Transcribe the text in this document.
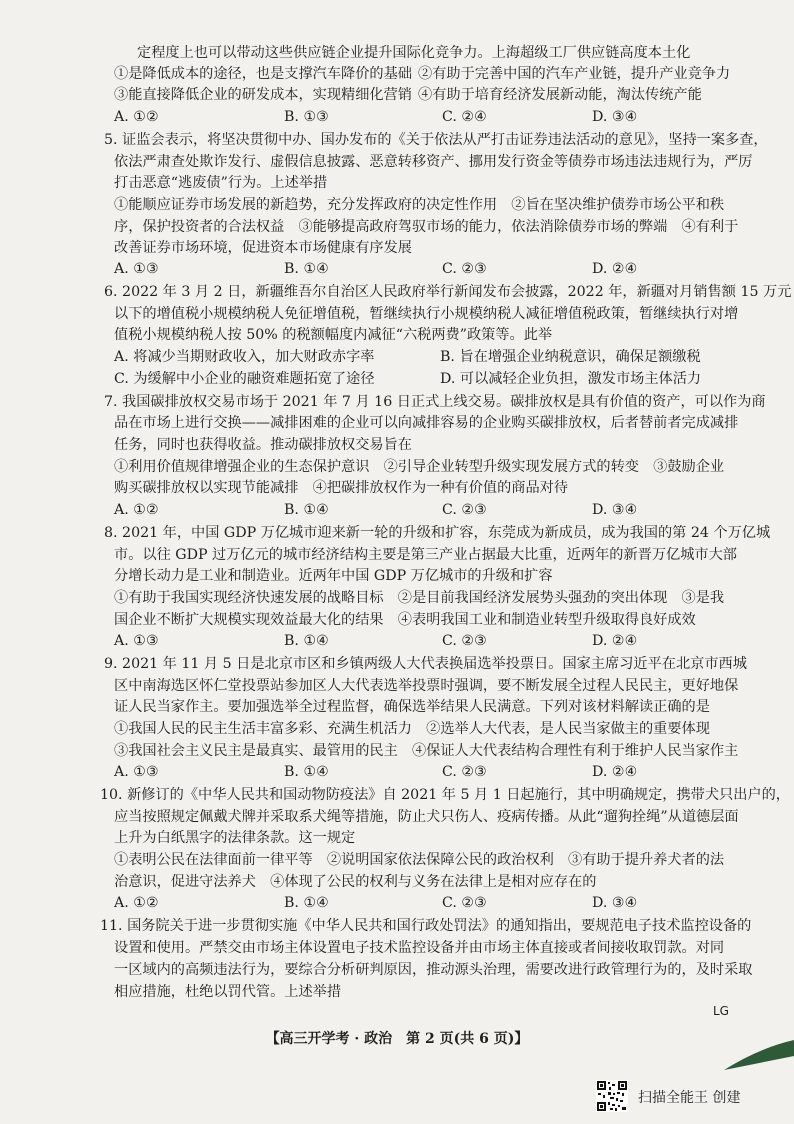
定程度上也可以带动这些供应链企业提升国际化竞争力。上海超级工厂供应链高度本土化
①是降低成本的途径，也是支撑汽车降价的基础 ②有助于完善中国的汽车产业链，提升产业竞争力
③能直接降低企业的研发成本，实现精细化营销 ④有助于培育经济发展新动能，淘汰传统产能
A. ①②	B. ①③	C. ②④	D. ③④
5. 证监会表示，将坚决贯彻中办、国办发布的《关于依法从严打击证券违法活动的意见》，坚持一案多查，
依法严肃查处欺诈发行、虚假信息披露、恶意转移资产、挪用发行资金等债券市场违法违规行为，严厉
打击恶意“逃废债”行为。上述举措
①能顺应证券市场发展的新趋势，充分发挥政府的决定性作用　②旨在坚决维护债券市场公平和秩
序，保护投资者的合法权益　③能够提高政府驾驭市场的能力，依法消除债券市场的弊端　④有利于
改善证券市场环境，促进资本市场健康有序发展
A. ①③	B. ①④	C. ②③	D. ②④
6. 2022 年 3 月 2 日，新疆维吾尔自治区人民政府举行新闻发布会披露，2022 年，新疆对月销售额 15 万元
以下的增值税小规模纳税人免征增值税，暂继续执行小规模纳税人减征增值税政策，暂继续执行对增
值税小规模纳税人按 50% 的税额幅度内减征“六税两费”政策等。此举
A. 将减少当期财政收入，加大财政赤字率	B. 旨在增强企业纳税意识，确保足额缴税
C. 为缓解中小企业的融资难题拓宽了途径	D. 可以减轻企业负担，激发市场主体活力
7. 我国碳排放权交易市场于 2021 年 7 月 16 日正式上线交易。碳排放权是具有价值的资产，可以作为商
品在市场上进行交换——减排困难的企业可以向减排容易的企业购买碳排放权，后者替前者完成减排
任务，同时也获得收益。推动碳排放权交易旨在
①利用价值规律增强企业的生态保护意识　②引导企业转型升级实现发展方式的转变　③鼓励企业
购买碳排放权以实现节能减排　④把碳排放权作为一种有价值的商品对待
A. ①②	B. ①④	C. ②③	D. ③④
8. 2021 年，中国 GDP 万亿城市迎来新一轮的升级和扩容，东莞成为新成员，成为我国的第 24 个万亿城
市。以往 GDP 过万亿元的城市经济结构主要是第三产业占据最大比重，近两年的新晋万亿城市大部
分增长动力是工业和制造业。近两年中国 GDP 万亿城市的升级和扩容
①有助于我国实现经济快速发展的战略目标　②是目前我国经济发展势头强劲的突出体现　③是我
国企业不断扩大规模实现效益最大化的结果　④表明我国工业和制造业转型升级取得良好成效
A. ①③	B. ①④	C. ②③	D. ②④
9. 2021 年 11 月 5 日是北京市区和乡镇两级人大代表换届选举投票日。国家主席习近平在北京市西城
区中南海选区怀仁堂投票站参加区人大代表选举投票时强调，要不断发展全过程人民民主，更好地保
证人民当家作主。要加强选举全过程监督，确保选举结果人民满意。下列对该材料解读正确的是
①我国人民的民主生活丰富多彩、充满生机活力　②选举人大代表，是人民当家做主的重要体现
③我国社会主义民主是最真实、最管用的民主　④保证人大代表结构合理性有利于维护人民当家作主
A. ①③	B. ①④	C. ②③	D. ②④
10. 新修订的《中华人民共和国动物防疫法》自 2021 年 5 月 1 日起施行，其中明确规定，携带犬只出户的，
应当按照规定佩戴犬牌并采取系犬绳等措施，防止犬只伤人、疫病传播。从此“遛狗拴绳”从道德层面
上升为白纸黑字的法律条款。这一规定
①表明公民在法律面前一律平等　②说明国家依法保障公民的政治权利　③有助于提升养犬者的法
治意识，促进守法养犬　④体现了公民的权利与义务在法律上是相对应存在的
A. ①②	B. ①④	C. ②③	D. ③④
11. 国务院关于进一步贯彻实施《中华人民共和国行政处罚法》的通知指出，要规范电子技术监控设备的
设置和使用。严禁交由市场主体设置电子技术监控设备并由市场主体直接或者间接收取罚款。对同
一区域内的高频违法行为，要综合分析研判原因，推动源头治理，需要改进行政管理行为的，及时采取
相应措施，杜绝以罚代管。上述举措
LG
【高三开学考 · 政治　第 2 页(共 6 页)】
扫描全能王 创建
